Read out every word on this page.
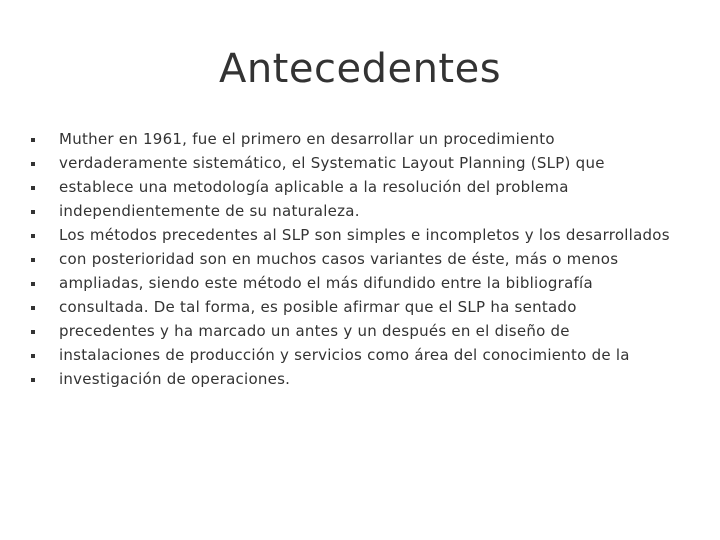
Antecedentes
Muther en 1961, fue el primero en desarrollar un procedimiento
verdaderamente sistemático, el Systematic Layout Planning (SLP) que
establece una metodología aplicable a la resolución del problema
independientemente de su naturaleza.
Los métodos precedentes al SLP son simples e incompletos y los desarrollados
con posterioridad son en muchos casos variantes de éste, más o menos
ampliadas, siendo este método el más difundido entre la bibliografía
consultada. De tal forma, es posible afirmar que el SLP ha sentado
precedentes y ha marcado un antes y un después en el diseño de
instalaciones de producción y servicios como área del conocimiento de la
investigación de operaciones.
